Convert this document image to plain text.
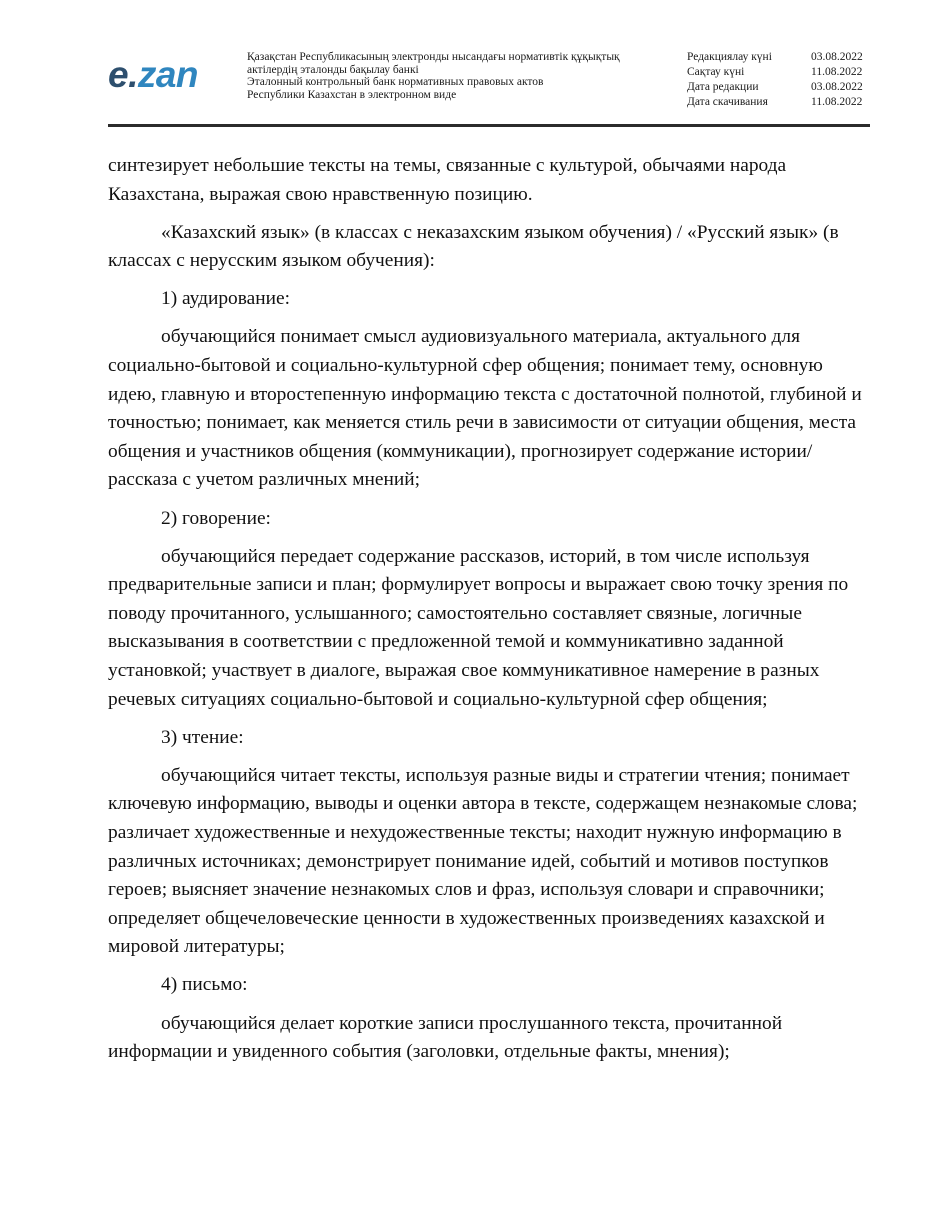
e.zan	Қазақстан Республикасының электронды нысандағы нормативтік құқықтық
актілердің эталонды бақылау банкі
Эталонный контрольный банк нормативных правовых актов
Республики Казахстан в электронном виде
Редакциялау күні	03.08.2022
Сақтау күні	11.08.2022
Дата редакции	03.08.2022
Дата скачивания	11.08.2022

синтезирует небольшие тексты на темы, связанные с культурой, обычаями народа Казахстана, выражая свою нравственную позицию.

«Казахский язык» (в классах с неказахским языком обучения) / «Русский язык» (в классах с нерусским языком обучения):

1) аудирование:

обучающийся понимает смысл аудиовизуального материала, актуального для социально-бытовой и социально-культурной сфер общения; понимает тему, основную идею, главную и второстепенную информацию текста с достаточной полнотой, глубиной и точностью; понимает, как меняется стиль речи в зависимости от ситуации общения, места общения и участников общения (коммуникации), прогнозирует содержание истории/рассказа с учетом различных мнений;

2) говорение:

обучающийся передает содержание рассказов, историй, в том числе используя предварительные записи и план; формулирует вопросы и выражает свою точку зрения по поводу прочитанного, услышанного; самостоятельно составляет связные, логичные высказывания в соответствии с предложенной темой и коммуникативно заданной установкой; участвует в диалоге, выражая свое коммуникативное намерение в разных речевых ситуациях социально-бытовой и социально-культурной сфер общения;

3) чтение:

обучающийся читает тексты, используя разные виды и стратегии чтения; понимает ключевую информацию, выводы и оценки автора в тексте, содержащем незнакомые слова; различает художественные и нехудожественные тексты; находит нужную информацию в различных источниках; демонстрирует понимание идей, событий и мотивов поступков героев; выясняет значение незнакомых слов и фраз, используя словари и справочники; определяет общечеловеческие ценности в художественных произведениях казахской и мировой литературы;

4) письмо:

обучающийся делает короткие записи прослушанного текста, прочитанной информации и увиденного события (заголовки, отдельные факты, мнения);
